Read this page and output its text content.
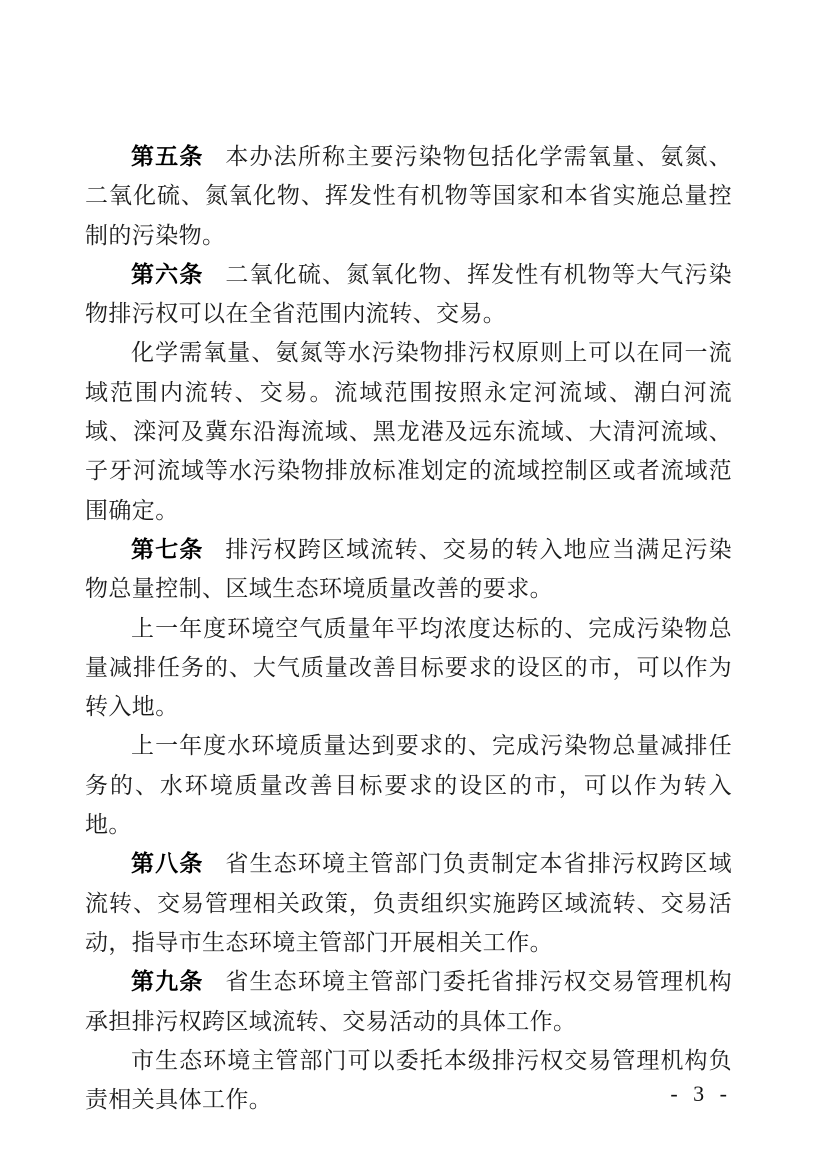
第五条 本办法所称主要污染物包括化学需氧量、氨氮、二氧化硫、氮氧化物、挥发性有机物等国家和本省实施总量控制的污染物。

第六条 二氧化硫、氮氧化物、挥发性有机物等大气污染物排污权可以在全省范围内流转、交易。

化学需氧量、氨氮等水污染物排污权原则上可以在同一流域范围内流转、交易。流域范围按照永定河流域、潮白河流域、滦河及冀东沿海流域、黑龙港及远东流域、大清河流域、子牙河流域等水污染物排放标准划定的流域控制区或者流域范围确定。

第七条 排污权跨区域流转、交易的转入地应当满足污染物总量控制、区域生态环境质量改善的要求。

上一年度环境空气质量年平均浓度达标的、完成污染物总量减排任务的、大气质量改善目标要求的设区的市，可以作为转入地。

上一年度水环境质量达到要求的、完成污染物总量减排任务的、水环境质量改善目标要求的设区的市，可以作为转入地。

第八条 省生态环境主管部门负责制定本省排污权跨区域流转、交易管理相关政策，负责组织实施跨区域流转、交易活动，指导市生态环境主管部门开展相关工作。

第九条 省生态环境主管部门委托省排污权交易管理机构承担排污权跨区域流转、交易活动的具体工作。

市生态环境主管部门可以委托本级排污权交易管理机构负责相关具体工作。	- 3 -
